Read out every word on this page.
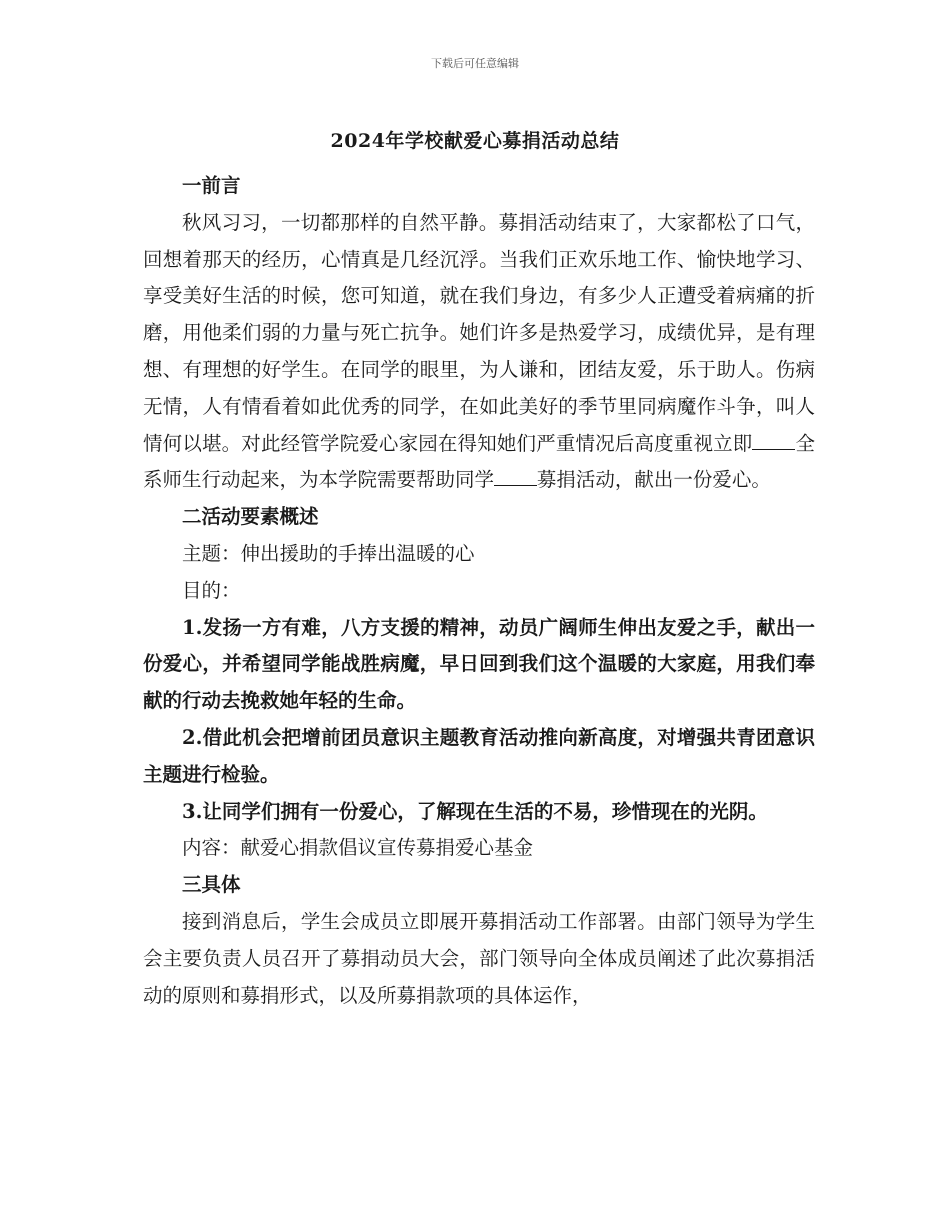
下载后可任意编辑
2024年学校献爱心募捐活动总结

一前言

秋风习习，一切都那样的自然平静。募捐活动结束了，大家都松了口气，回想着那天的经历，心情真是几经沉浮。当我们正欢乐地工作、愉快地学习、享受美好生活的时候，您可知道，就在我们身边，有多少人正遭受着病痛的折磨，用他柔们弱的力量与死亡抗争。她们许多是热爱学习，成绩优异，是有理想、有理想的好学生。在同学的眼里，为人谦和，团结友爱，乐于助人。伤病无情，人有情看着如此优秀的同学，在如此美好的季节里同病魔作斗争，叫人情何以堪。对此经管学院爱心家园在得知她们严重情况后高度重视立即 全系师生行动起来，为本学院需要帮助同学 募捐活动，献出一份爱心。

二活动要素概述

主题：伸出援助的手捧出温暖的心

目的：

1.发扬一方有难，八方支援的精神，动员广阔师生伸出友爱之手，献出一份爱心，并希望同学能战胜病魔，早日回到我们这个温暖的大家庭，用我们奉献的行动去挽救她年轻的生命。

2.借此机会把增前团员意识主题教育活动推向新高度，对增强共青团意识主题进行检验。

3.让同学们拥有一份爱心，了解现在生活的不易，珍惜现在的光阴。

内容：献爱心捐款倡议宣传募捐爱心基金

三具体

接到消息后，学生会成员立即展开募捐活动工作部署。由部门领导为学生会主要负责人员召开了募捐动员大会，部门领导向全体成员阐述了此次募捐活动的原则和募捐形式，以及所募捐款项的具体运作，
